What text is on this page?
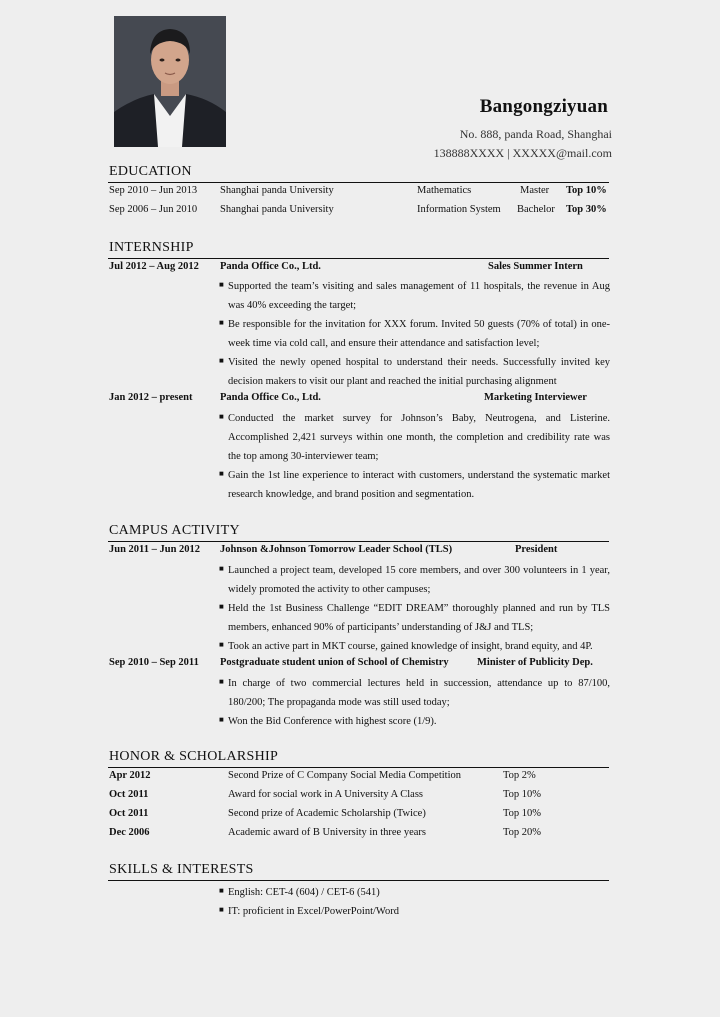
Bangongziyuan
No. 888, panda Road, Shanghai
138888XXXX | XXXXX@mail.com
EDUCATION
Sep 2010 – Jun 2013 Shanghai panda University	Mathematics	Master Top 10%
Sep 2006 – Jun 2010 Shanghai panda University	Information System Bachelor Top 30%
INTERNSHIP
Jul 2012 – Aug 2012 Panda Office Co., Ltd.	Sales Summer Intern
■ Supported the team’s visiting and sales management of 11 hospitals, the revenue in Aug was 40% exceeding the target;
■ Be responsible for the invitation for XXX forum. Invited 50 guests (70% of total) in one-week time via cold call, and ensure their attendance and satisfaction level;
■ Visited the newly opened hospital to understand their needs. Successfully invited key decision makers to visit our plant and reached the initial purchasing alignment
Jan 2012 – present	Panda Office Co., Ltd.	Marketing Interviewer
■ Conducted the market survey for Johnson’s Baby, Neutrogena, and Listerine. Accomplished 2,421 surveys within one month, the completion and credibility rate was the top among 30-interviewer team;
■ Gain the 1st line experience to interact with customers, understand the systematic market research knowledge, and brand position and segmentation.
CAMPUS ACTIVITY
Jun 2011 – Jun 2012 Johnson &Johnson Tomorrow Leader School (TLS)	President
■ Launched a project team, developed 15 core members, and over 300 volunteers in 1 year, widely promoted the activity to other campuses;
■ Held the 1st Business Challenge “EDIT DREAM” thoroughly planned and run by TLS members, enhanced 90% of participants’ understanding of J&J and TLS;
■ Took an active part in MKT course, gained knowledge of insight, brand equity, and 4P.
Sep 2010 – Sep 2011 Postgraduate student union of School of Chemistry	Minister of Publicity Dep.
■ In charge of two commercial lectures held in succession, attendance up to 87/100, 180/200; The propaganda mode was still used today;
■ Won the Bid Conference with highest score (1/9).
HONOR & SCHOLARSHIP
Apr 2012	Second Prize of C Company Social Media Competition	Top 2%
Oct 2011	Award for social work in A University A Class	Top 10%
Oct 2011	Second prize of Academic Scholarship (Twice)	Top 10%
Dec 2006	Academic award of B University in three years	Top 20%
SKILLS & INTERESTS
■ English: CET-4 (604) / CET-6 (541)
■ IT: proficient in Excel/PowerPoint/Word
